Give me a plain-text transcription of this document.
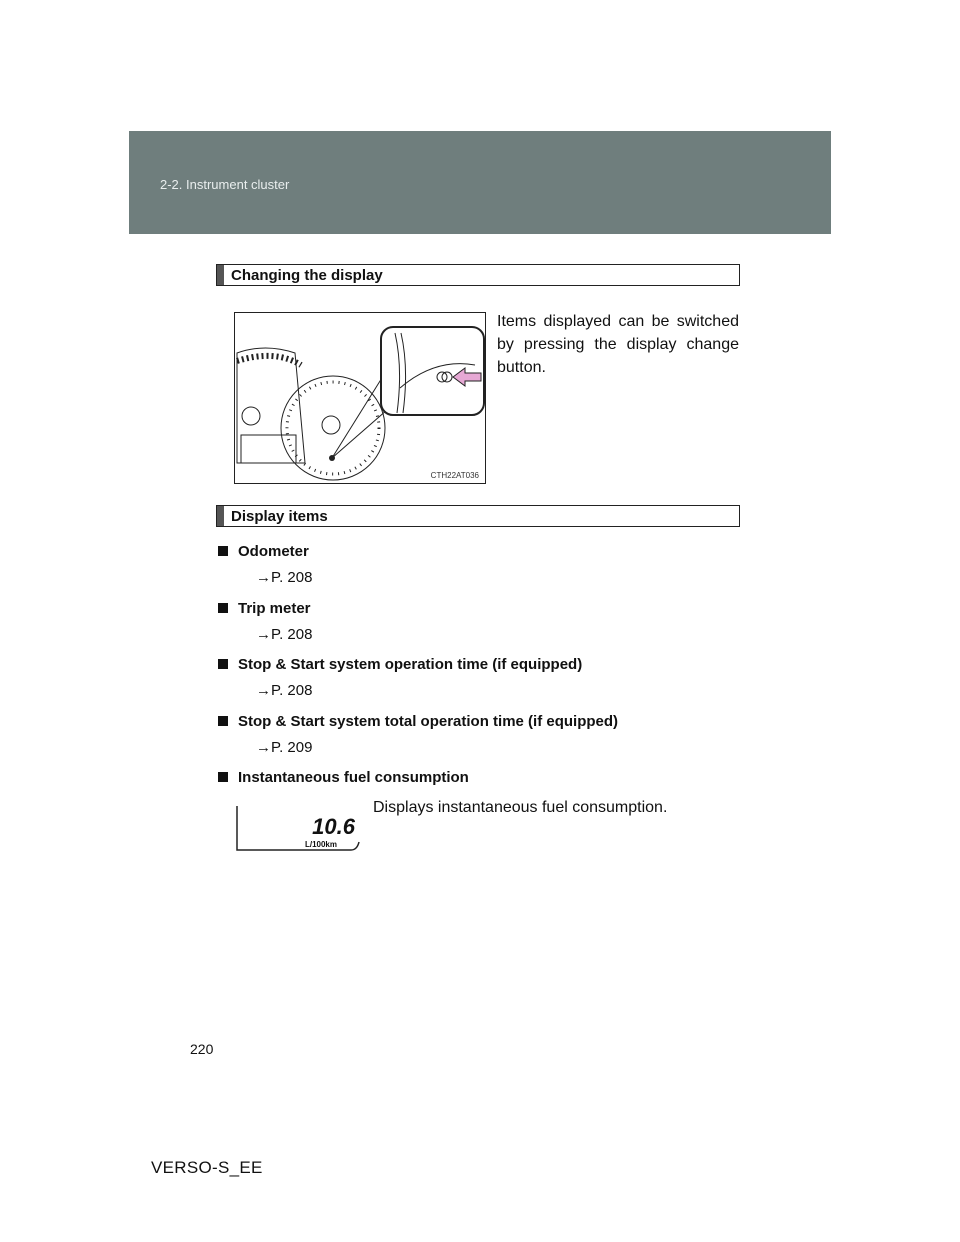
2-2. Instrument cluster
Changing the display
CTH22AT036
Items displayed can be switched by pressing the display change button.
Display items
Odometer
→P. 208
Trip meter
→P. 208
Stop & Start system operation time (if equipped)
→P. 208
Stop & Start system total operation time (if equipped)
→P. 209
Instantaneous fuel consumption
10.6
L/100km
Displays instantaneous fuel consumption.
220
VERSO-S_EE
